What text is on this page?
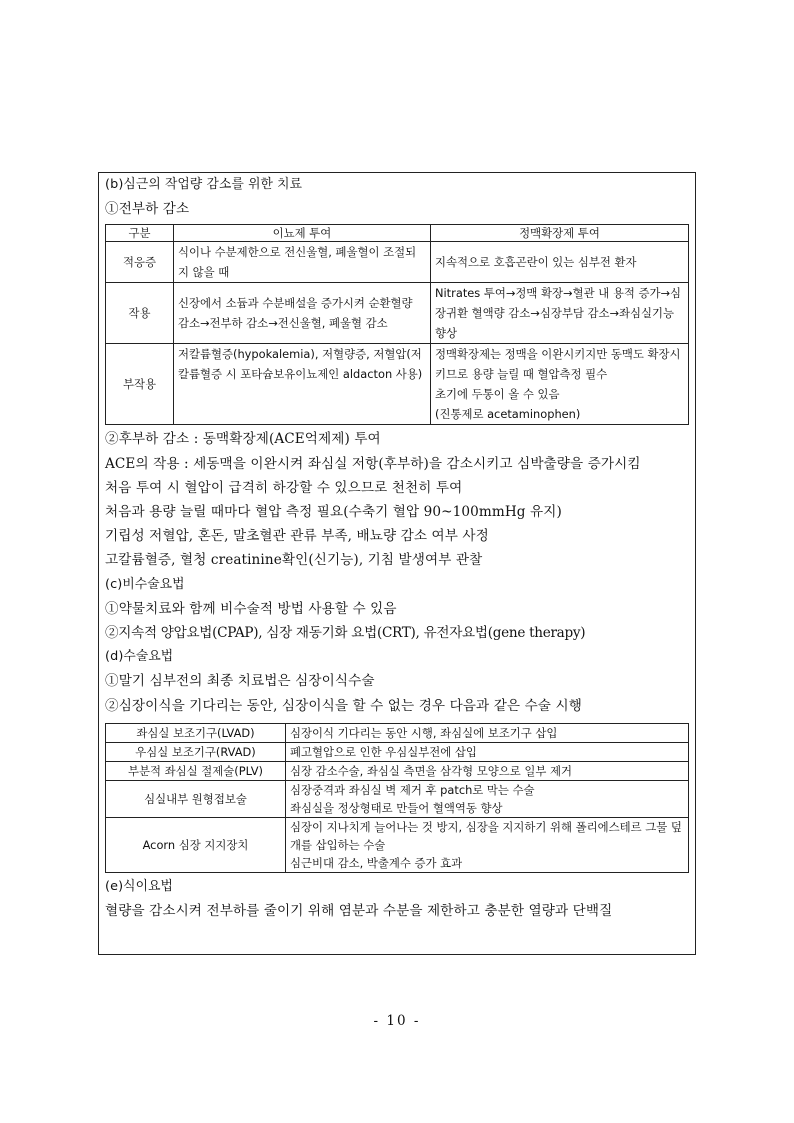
(b)심근의 작업량 감소를 위한 치료
①전부하 감소
구분	이뇨제 투여	정맥확장제 투여
적응증	식이나 수분제한으로 전신울혈, 폐울혈이 조절되지 않을 때	지속적으로 호흡곤란이 있는 심부전 환자

작용	신장에서 소듐과 수분배설을 증가시켜 순환혈량 감소→전부하 감소→전신울혈, 폐울혈 감소	Nitrates 투여→정맥 확장→혈관 내 용적 증가→심장귀환 혈액량 감소→심장부담 감소→좌심실기능 향상

부작용	저칼륨혈증(hypokalemia), 저혈량증, 저혈압(저칼륨혈증 시 포타슘보유이뇨제인 aldacton 사용)	정맥확장제는 정맥을 이완시키지만 동맥도 확장시키므로 용량 늘릴 때 혈압측정 필수
초기에 두통이 올 수 있음
(진통제로 acetaminophen)
②후부하 감소 : 동맥확장제(ACE억제제) 투여
ACE의 작용 : 세동맥을 이완시켜 좌심실 저항(후부하)을 감소시키고 심박출량을 증가시킴
처음 투여 시 혈압이 급격히 하강할 수 있으므로 천천히 투여
처음과 용량 늘릴 때마다 혈압 측정 필요(수축기 혈압 90~100mmHg 유지)
기립성 저혈압, 혼돈, 말초혈관 관류 부족, 배뇨량 감소 여부 사정
고칼륨혈증, 혈청 creatinine확인(신기능), 기침 발생여부 관찰
(c)비수술요법
①약물치료와 함께 비수술적 방법 사용할 수 있음
②지속적 양압요법(CPAP), 심장 재동기화 요법(CRT), 유전자요법(gene therapy)
(d)수술요법
①말기 심부전의 최종 치료법은 심장이식수술
②심장이식을 기다리는 동안, 심장이식을 할 수 없는 경우 다음과 같은 수술 시행
좌심실 보조기구(LVAD)	심장이식 기다리는 동안 시행, 좌심실에 보조기구 삽입

우심실 보조기구(RVAD)	폐고혈압으로 인한 우심실부전에 삽입

부분적 좌심실 절제술(PLV)	심장 감소수술, 좌심실 측면을 삼각형 모양으로 일부 제거

심실내부 원형접보술	심장중격과 좌심실 벽 제거 후 patch로 막는 수술
좌심실을 정상형태로 만들어 혈액역동 향상

Acorn 심장 지지장치	심장이 지나치게 늘어나는 것 방지, 심장을 지지하기 위해 폴리에스테르 그물 덮개를 삽입하는 수술
심근비대 감소, 박출계수 증가 효과
(e)식이요법
혈량을 감소시켜 전부하를 줄이기 위해 염분과 수분을 제한하고 충분한 열량과 단백질
- 10 -
